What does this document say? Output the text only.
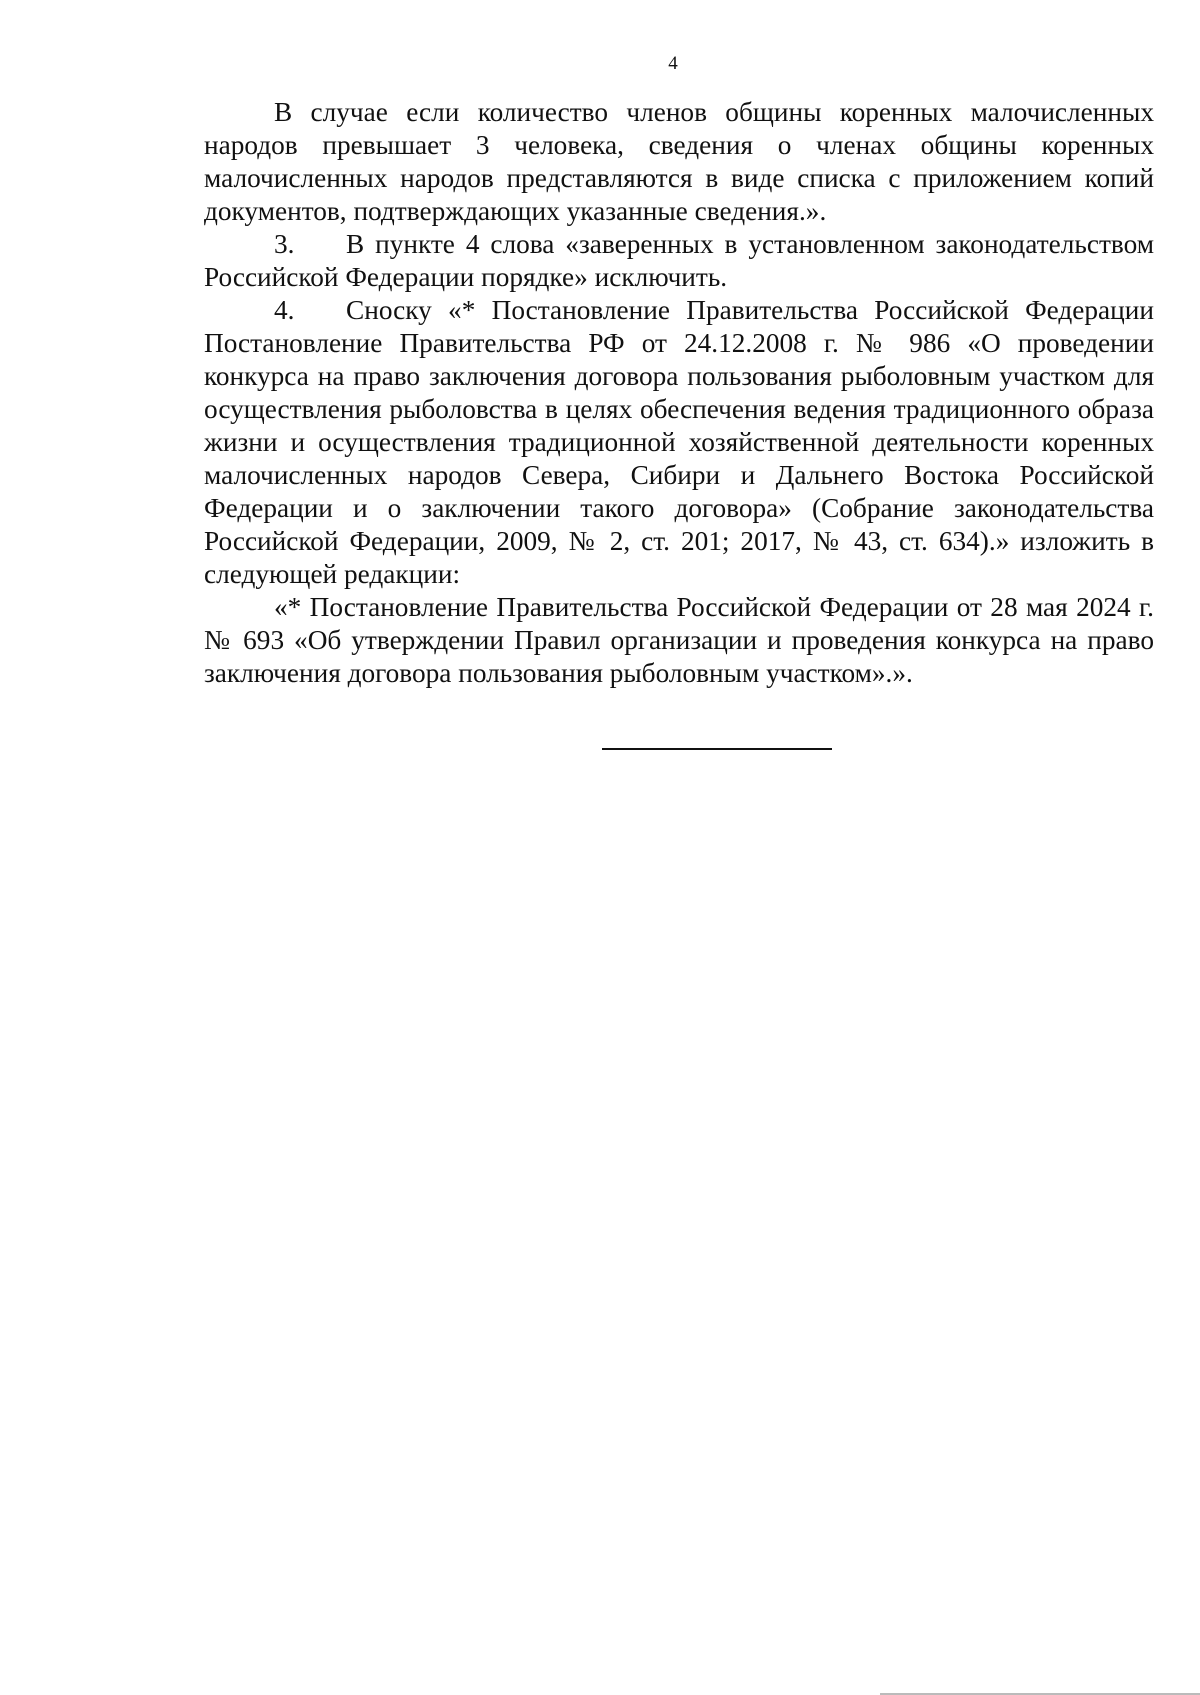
4

В случае если количество членов общины коренных малочисленных народов превышает 3 человека, сведения о членах общины коренных малочисленных народов представляются в виде списка с приложением копий документов, подтверждающих указанные сведения.».

3. В пункте 4 слова «заверенных в установленном законодательством Российской Федерации порядке» исключить.

4. Сноску «* Постановление Правительства Российской Федерации Постановление Правительства РФ от 24.12.2008 г. № 986 «О проведении конкурса на право заключения договора пользования рыболовным участком для осуществления рыболовства в целях обеспечения ведения традиционного образа жизни и осуществления традиционной хозяйственной деятельности коренных малочисленных народов Севера, Сибири и Дальнего Востока Российской Федерации и о заключении такого договора» (Собрание законодательства Российской Федерации, 2009, № 2, ст. 201; 2017, № 43, ст. 634).» изложить в следующей редакции:

«* Постановление Правительства Российской Федерации от 28 мая 2024 г. № 693 «Об утверждении Правил организации и проведения конкурса на право заключения договора пользования рыболовным участком».».
